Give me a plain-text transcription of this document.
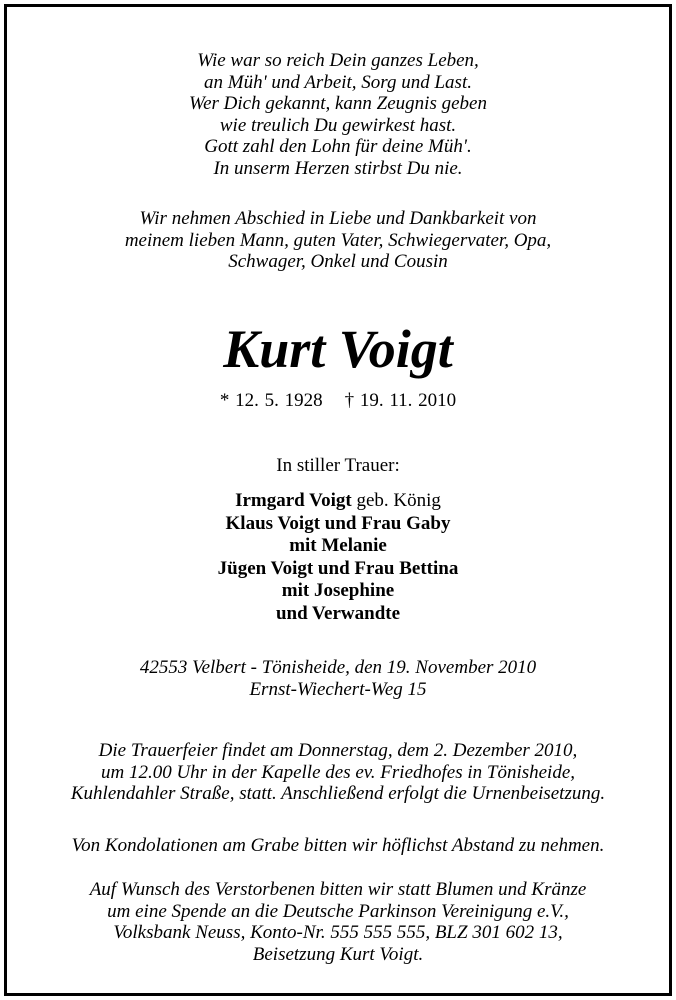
Wie war so reich Dein ganzes Leben,
an Müh' und Arbeit, Sorg und Last.
Wer Dich gekannt, kann Zeugnis geben
wie treulich Du gewirkest hast.
Gott zahl den Lohn für deine Müh'.
In unserm Herzen stirbst Du nie.
Wir nehmen Abschied in Liebe und Dankbarkeit von
meinem lieben Mann, guten Vater, Schwiegervater, Opa,
Schwager, Onkel und Cousin
Kurt Voigt
* 12. 5. 1928 † 19. 11. 2010
In stiller Trauer:
Irmgard Voigt geb. König
Klaus Voigt und Frau Gaby
mit Melanie
Jügen Voigt und Frau Bettina
mit Josephine
und Verwandte
42553 Velbert - Tönisheide, den 19. November 2010
Ernst-Wiechert-Weg 15
Die Trauerfeier findet am Donnerstag, dem 2. Dezember 2010,
um 12.00 Uhr in der Kapelle des ev. Friedhofes in Tönisheide,
Kuhlendahler Straße, statt. Anschließend erfolgt die Urnenbeisetzung.
Von Kondolationen am Grabe bitten wir höflichst Abstand zu nehmen.
Auf Wunsch des Verstorbenen bitten wir statt Blumen und Kränze
um eine Spende an die Deutsche Parkinson Vereinigung e.V.,
Volksbank Neuss, Konto-Nr. 555 555 555, BLZ 301 602 13,
Beisetzung Kurt Voigt.
